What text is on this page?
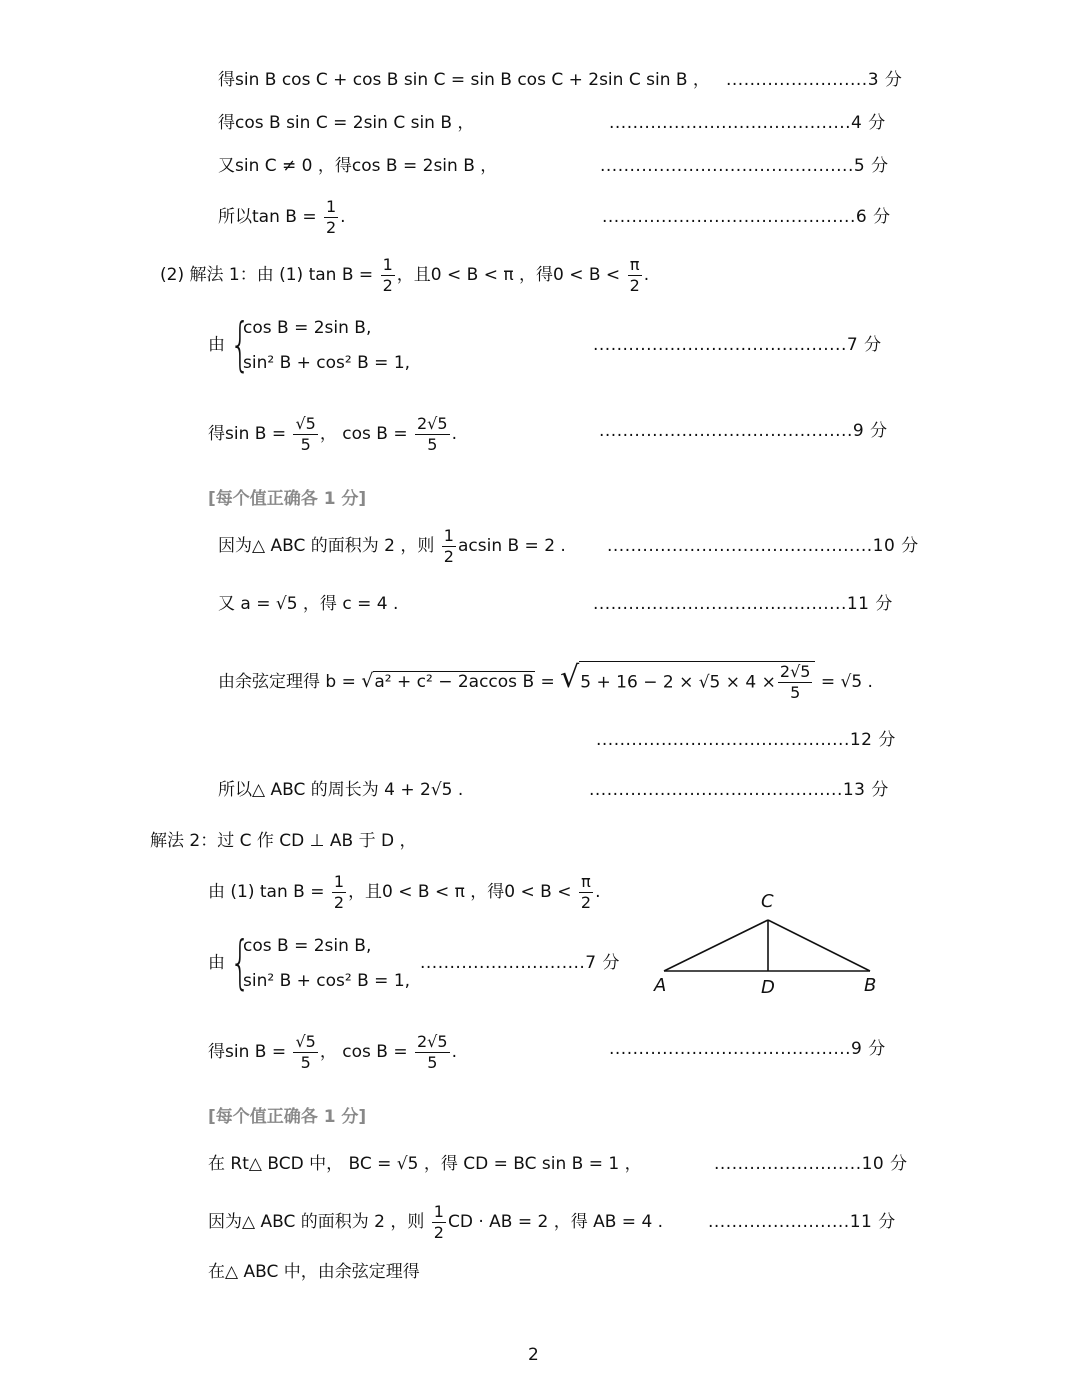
得sin B cos C + cos B sin C = sin B cos C + 2sin C sin B ， ........................3 分
得cos B sin C = 2sin C sin B ，	.........................................4 分
又sin C ≠ 0 ，得cos B = 2sin B ，	...........................................5 分
所以$\tan B = \frac{1}{2}$ .	...........................................6 分
(2) 解法 1：由 (1) $\tan B = \frac{1}{2}$ ，且0 < B < π ，得$0 < B < \frac{\pi}{2}$ .
由 {
cos B = 2sin B,
sin² B + cos² B = 1,
...........................................7 分
得$\sin B = \frac{√5}{5}$ ， $\cos B = \frac{2√5}{5}$ .	...........................................9 分
[每个值正确各 1 分]
因为△ ABC 的面积为 2 ，则 $\frac{1}{2}$ acsin B = 2 . .............................................10 分
又 a = √5 ，得 c = 4 .	...........................................11 分
由余弦定理得 b = √a² + c² − 2accos $B = √5 + 16 - 2 \times √5 \times 4 \times \frac{2√5}{5} = √5$ .
...........................................12 分
所以△ ABC 的周长为 4 + 2√5 .	...........................................13 分
解法 2：过 C 作 CD ⊥ AB 于 D ，
由 (1) $\tan B = \frac{1}{2}$ ，且0 < B < π ，得$0 < B < \frac{\pi}{2}$ .
由 {
cos B = 2sin B,
sin² B + cos² B = 1,
............................7 分
C
A	D	B
得$\sin B = \frac{√5}{5}$ ， $\cos B = \frac{2√5}{5}$ .	.........................................9 分
[每个值正确各 1 分]
在 Rt△ BCD 中， BC = √5 ，得 CD = BC sin B = 1 ，	.........................10 分
因为△ ABC 的面积为 2 ，则 $\frac{1}{2}$ CD · AB = 2 ，得 AB = 4 .	........................11 分
在△ ABC 中，由余弦定理得
2
